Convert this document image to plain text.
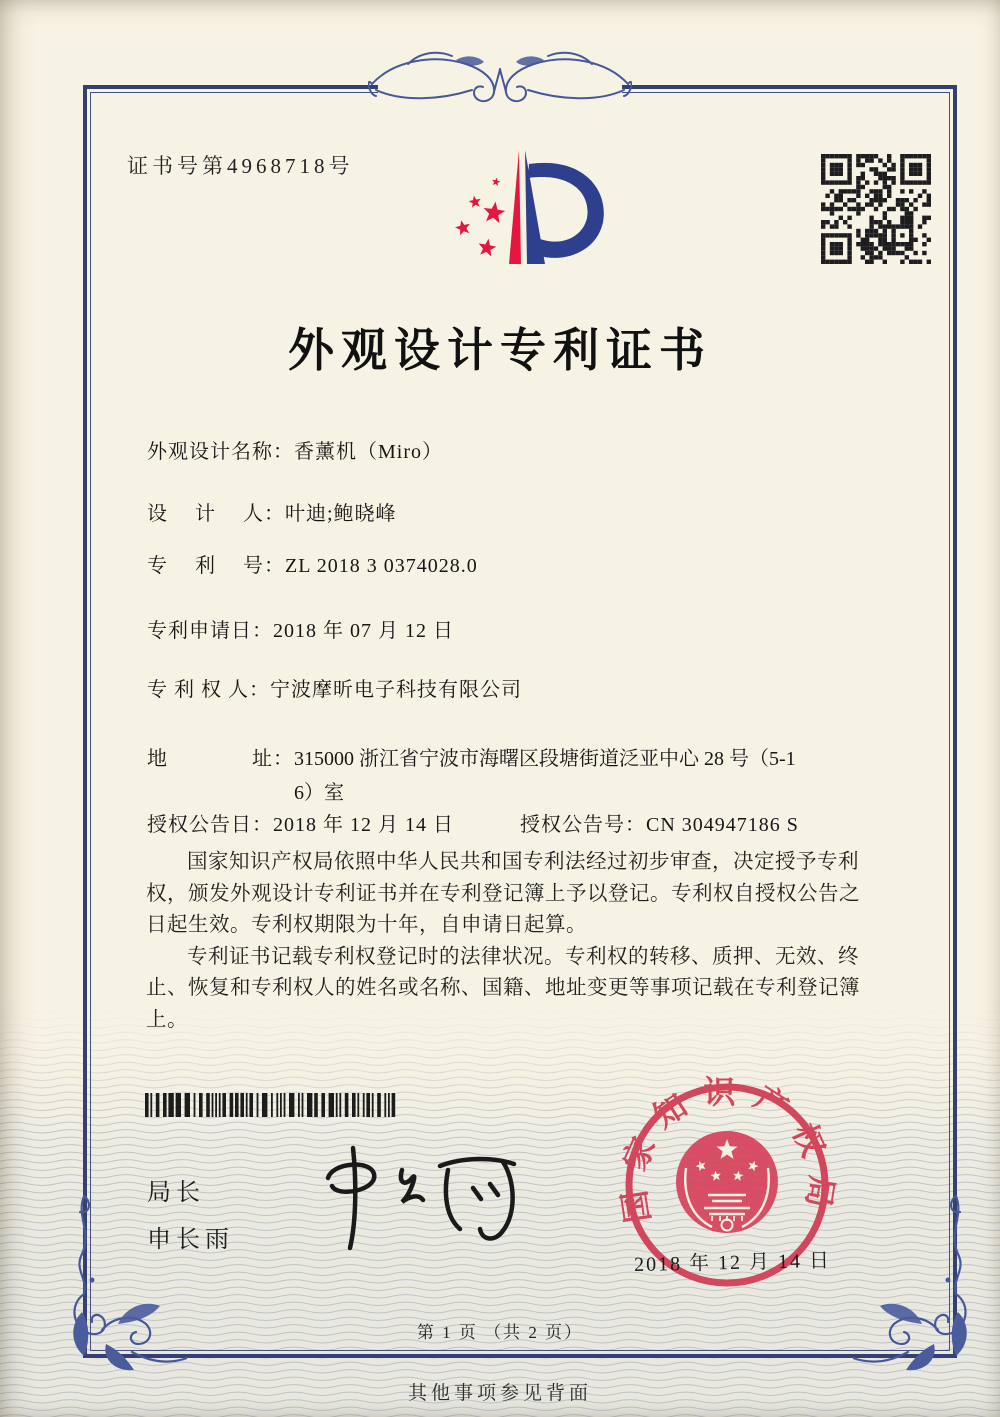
证书号第4968718号
外观设计专利证书
外观设计名称：香薰机（Miro）
设　 计　 人：叶迪;鲍晓峰
专　 利　 号：ZL 2018 3 0374028.0
专利申请日：2018 年 07 月 12 日
专 利 权 人：宁波摩昕电子科技有限公司
地　　　　址：315000 浙江省宁波市海曙区段塘街道泛亚中心 28 号（5-1
6）室
授权公告日：2018 年 12 月 14 日	授权公告号：CN 304947186 S

国家知识产权局依照中华人民共和国专利法经过初步审查，决定授予专利权，颁发外观设计专利证书并在专利登记簿上予以登记。专利权自授权公告之日起生效。专利权期限为十年，自申请日起算。

专利证书记载专利权登记时的法律状况。专利权的转移、质押、无效、终止、恢复和专利权人的姓名或名称、国籍、地址变更等事项记载在专利登记簿上。

局长
申长雨
国家知识产权局
2018 年 12 月 14 日
第 1 页 （共 2 页）
其他事项参见背面
